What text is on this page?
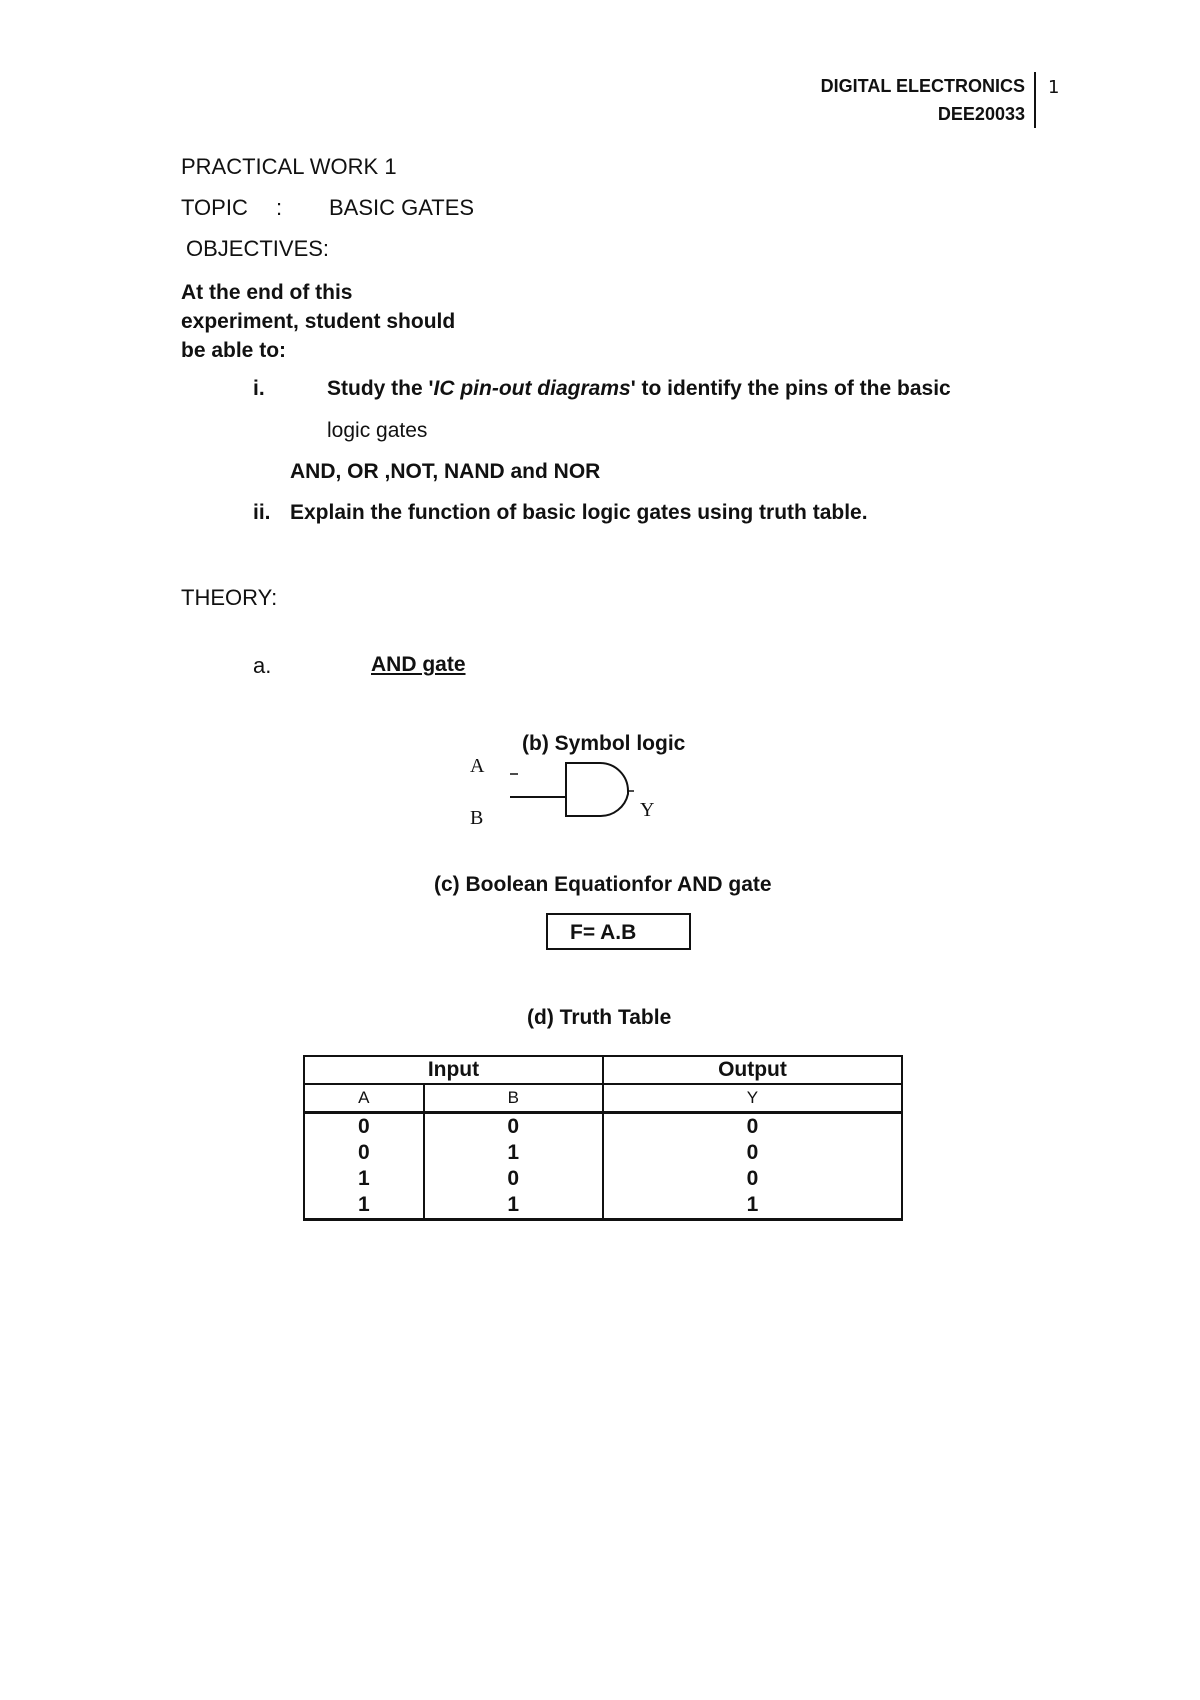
DIGITAL ELECTRONICS
DEE20033
1
PRACTICAL WORK 1
TOPIC : BASIC GATES
OBJECTIVES:
At the end of this
experiment, student should
be able to:
i.	Study the 'IC pin-out diagrams' to identify the pins of the basic
logic gates
AND, OR ,NOT, NAND and NOR
ii. Explain the function of basic logic gates using truth table.
THEORY:
a.	AND gate
(b) Symbol logic
A
B	Y
(c) Boolean Equationfor AND gate
F= A.B
(d) Truth Table
Input		Output
A	B	Y
0	0	0
0	1	0
1	0	0
1	1	1
